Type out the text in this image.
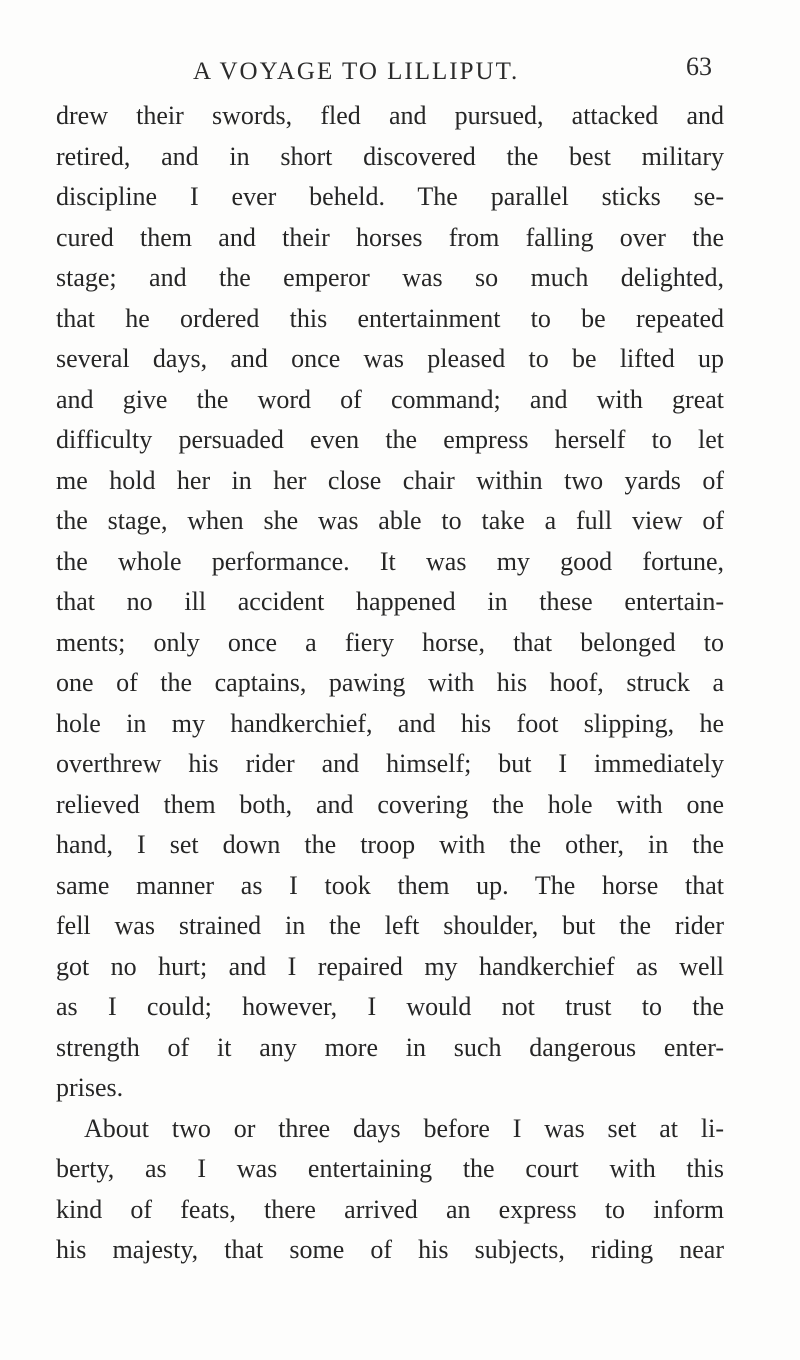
A VOYAGE TO LILLIPUT.	63
drew their swords, fled and pursued, attacked and
retired, and in short discovered the best military
discipline I ever beheld. The parallel sticks se-
cured them and their horses from falling over the
stage; and the emperor was so much delighted,
that he ordered this entertainment to be repeated
several days, and once was pleased to be lifted up
and give the word of command; and with great
difficulty persuaded even the empress herself to let
me hold her in her close chair within two yards of
the stage, when she was able to take a full view of
the whole performance. It was my good fortune,
that no ill accident happened in these entertain-
ments; only once a fiery horse, that belonged to
one of the captains, pawing with his hoof, struck a
hole in my handkerchief, and his foot slipping, he
overthrew his rider and himself; but I immediately
relieved them both, and covering the hole with one
hand, I set down the troop with the other, in the
same manner as I took them up. The horse that
fell was strained in the left shoulder, but the rider
got no hurt; and I repaired my handkerchief as well
as I could; however, I would not trust to the
strength of it any more in such dangerous enter-
prises.
About two or three days before I was set at li-
berty, as I was entertaining the court with this
kind of feats, there arrived an express to inform
his majesty, that some of his subjects, riding near
